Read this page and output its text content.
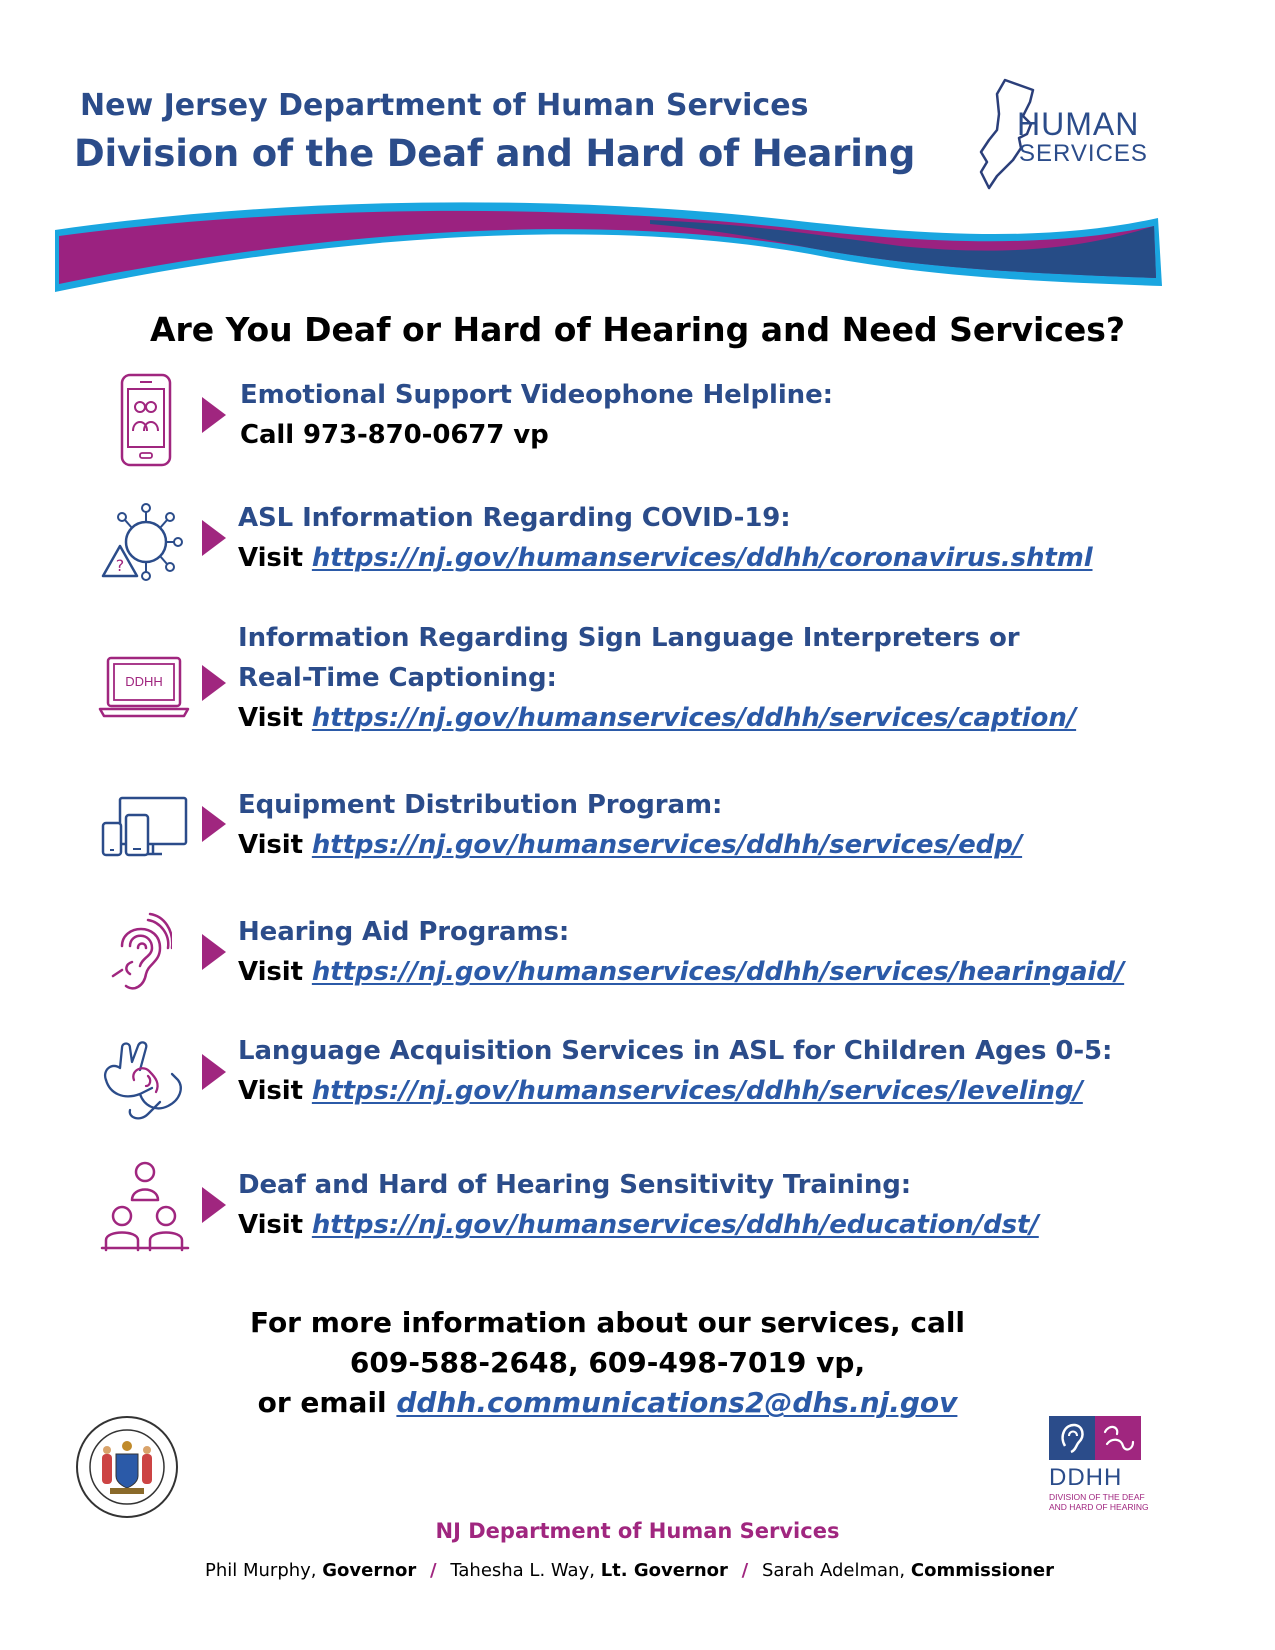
New Jersey Department of Human Services
Division of the Deaf and Hard of Hearing
HUMAN
SERVICES
Are You Deaf or Hard of Hearing and Need Services?
Emotional Support Videophone Helpline:
Call 973-870-0677 vp
?
ASL Information Regarding COVID-19:
Visit https://nj.gov/humanservices/ddhh/coronavirus.shtml
DDHH
Information Regarding Sign Language Interpreters or
Real-Time Captioning:
Visit https://nj.gov/humanservices/ddhh/services/caption/
Equipment Distribution Program:
Visit https://nj.gov/humanservices/ddhh/services/edp/
Hearing Aid Programs:
Visit https://nj.gov/humanservices/ddhh/services/hearingaid/
Language Acquisition Services in ASL for Children Ages 0-5:
Visit https://nj.gov/humanservices/ddhh/services/leveling/
Deaf and Hard of Hearing Sensitivity Training:
Visit https://nj.gov/humanservices/ddhh/education/dst/
For more information about our services, call
609-588-2648, 609-498-7019 vp,
or email ddhh.communications2@dhs.nj.gov
NJ Department of Human Services
Phil Murphy, Governor / Tahesha L. Way, Lt. Governor / Sarah Adelman, Commissioner
DDHH
DIVISION OF THE DEAF
AND HARD OF HEARING
